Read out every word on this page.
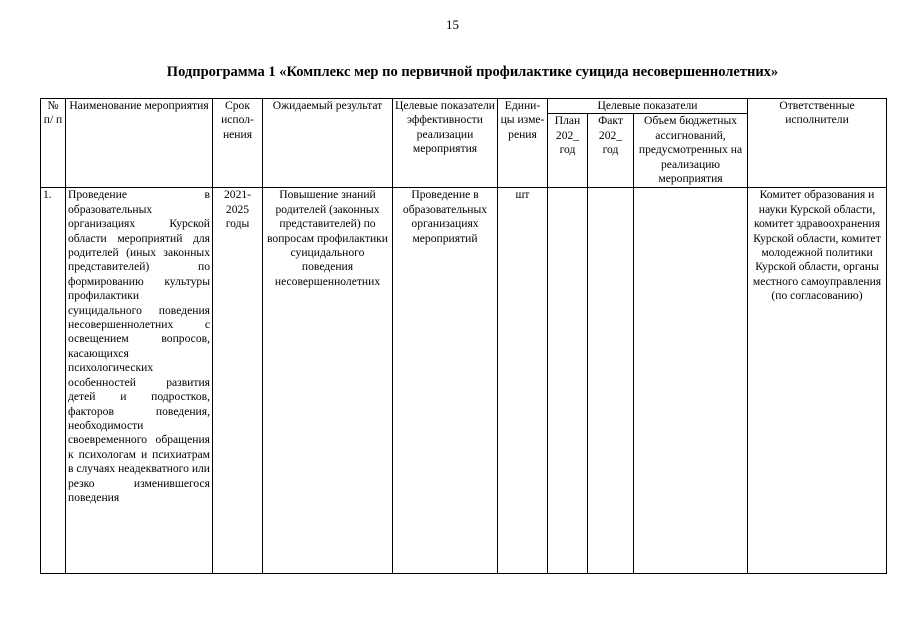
15
Подпрограмма 1 «Комплекс мер по первичной профилактике суицида несовершеннолетних»
№ п/ п	Наименование мероприятия	Срок испол-нения	Ожидаемый результат	Целевые показатели эффективности реализации мероприятия	Едини-цы изме-рения	Целевые показатели			Ответственные исполнители
						План 202_ год	Факт 202_ год	Объем бюджетных ассигнований, предусмотренных на реализацию мероприятия	
1.	Проведение в образовательных организациях Курской области мероприятий для родителей (иных законных представителей) по формированию культуры профилактики суицидального поведения несовершеннолетних с освещением вопросов, касающихся психологических особенностей развития детей и подростков, факторов поведения, необходимости своевременного обращения к психологам и психиатрам в случаях неадекватного или резко изменившегося поведения	2021-2025 годы	Повышение знаний родителей (законных представителей) по вопросам профилактики суицидального поведения несовершеннолетних	Проведение в образовательных организациях мероприятий	шт				Комитет образования и науки Курской области, комитет здравоохранения Курской области, комитет молодежной политики Курской области, органы местного самоуправления (по согласованию)
